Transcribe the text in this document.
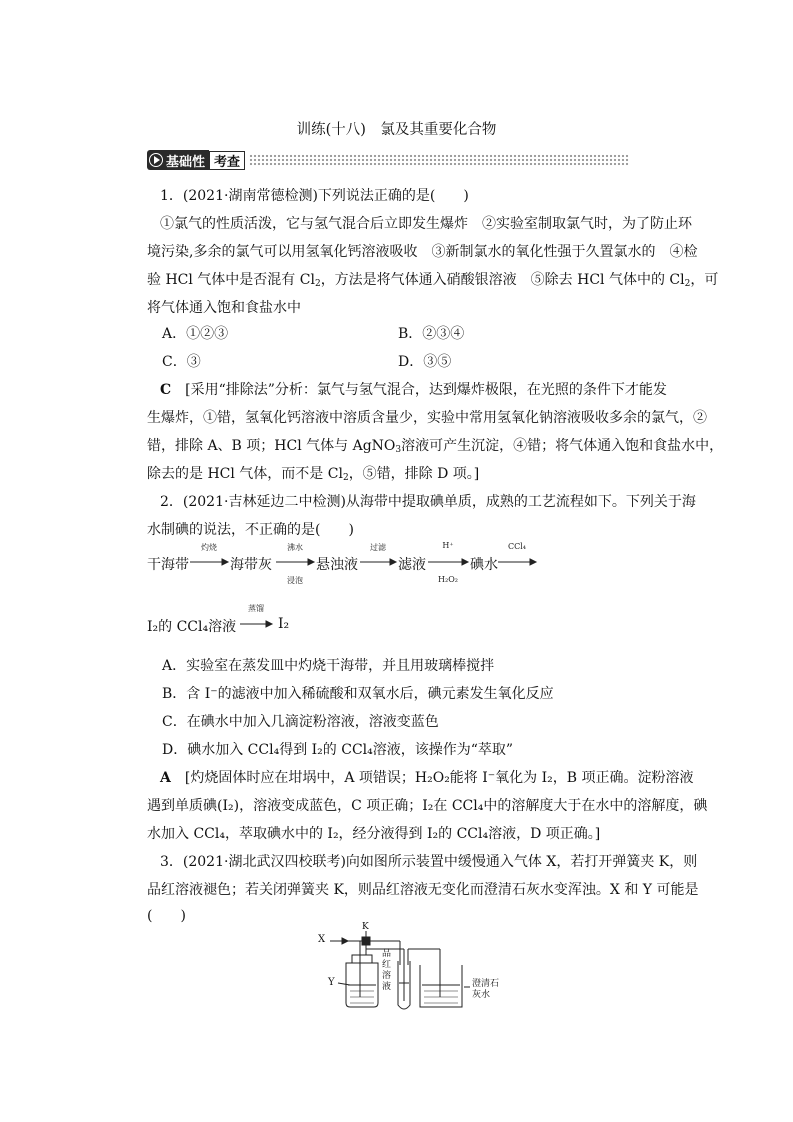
训练(十八)　氯及其重要化合物
基础性 考查
1．(2021·湖南常德检测)下列说法正确的是(　　)
①氯气的性质活泼，它与氢气混合后立即发生爆炸　②实验室制取氯气时，为了防止环
境污染,多余的氯气可以用氢氧化钙溶液吸收　③新制氯水的氧化性强于久置氯水的　④检
验 HCl 气体中是否混有 $Cl_2$，方法是将气体通入硝酸银溶液　⑤除去 HCl 气体中的 $Cl_2$，可
将气体通入饱和食盐水中
A．①②③	B．②③④
C．③	D．③⑤
C　 [采用“排除法”分析：氯气与氢气混合，达到爆炸极限，在光照的条件下才能发
生爆炸，①错，氢氧化钙溶液中溶质含量少，实验中常用氢氧化钠溶液吸收多余的氯气，②
错，排除 A、B 项；HCl 气体与 AgNO$_3$溶液可产生沉淀，④错；将气体通入饱和食盐水中，
除去的是 HCl 气体，而不是 $Cl_2$，⑤错，排除 D 项。]
2．(2021·吉林延边二中检测)从海带中提取碘单质，成熟的工艺流程如下。下列关于海
水制碘的说法，不正确的是(　　)
干海带	海带灰	悬浊液	滤液	碘水
灼烧	沸水
浸泡
过滤	H⁺
H₂O₂
CCl₄
I₂的 CCl₄溶液
蒸馏
I₂
A．实验室在蒸发皿中灼烧干海带，并且用玻璃棒搅拌
B．含 I⁻的滤液中加入稀硫酸和双氧水后，碘元素发生氧化反应
C．在碘水中加入几滴淀粉溶液，溶液变蓝色
D．碘水加入 CCl₄得到 I₂的 CCl₄溶液，该操作为“萃取”
A　 [灼烧固体时应在坩埚中，A 项错误；H₂O₂能将 I⁻氧化为 I₂，B 项正确。淀粉溶液
遇到单质碘(I₂)，溶液变成蓝色，C 项正确；I₂在 CCl₄中的溶解度大于在水中的溶解度，碘
水加入 CCl₄，萃取碘水中的 I₂，经分液得到 I₂的 CCl₄溶液，D 项正确。]
3．(2021·湖北武汉四校联考)向如图所示装置中缓慢通入气体 X，若打开弹簧夹 K，则
品红溶液褪色；若关闭弹簧夹 K，则品红溶液无变化而澄清石灰水变浑浊。X 和 Y 可能是
(　　)
X
K
Y
品红溶液	澄清石灰水
